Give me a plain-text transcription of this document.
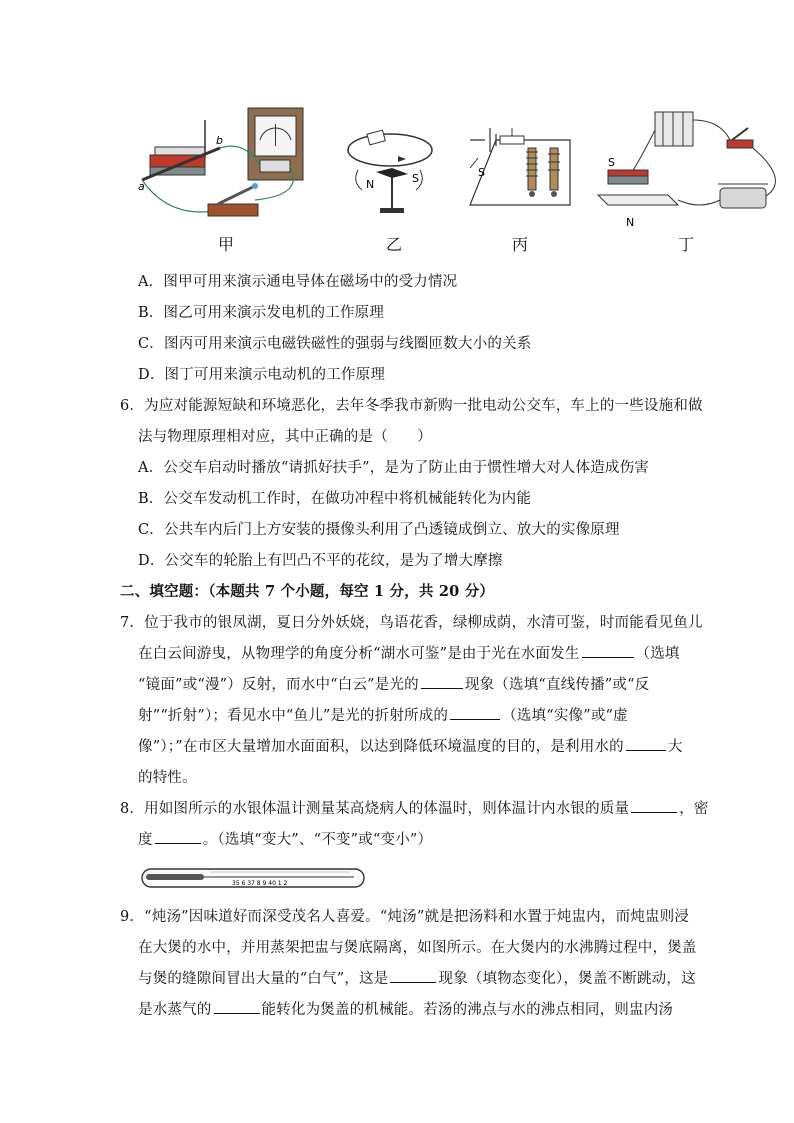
a
b
N	S	S
S
N
甲	乙	丙	丁
A．图甲可用来演示通电导体在磁场中的受力情况
B．图乙可用来演示发电机的工作原理
C．图丙可用来演示电磁铁磁性的强弱与线圈匝数大小的关系
D．图丁可用来演示电动机的工作原理
6．为应对能源短缺和环境恶化，去年冬季我市新购一批电动公交车，车上的一些设施和做
法与物理原理相对应，其中正确的是（　　）
A．公交车启动时播放“请抓好扶手”，是为了防止由于惯性增大对人体造成伤害
B．公交车发动机工作时，在做功冲程中将机械能转化为内能
C．公共车内后门上方安装的摄像头利用了凸透镜成倒立、放大的实像原理
D．公交车的轮胎上有凹凸不平的花纹，是为了增大摩擦
二、填空题：（本题共 7 个小题，每空 1 分，共 20 分）
7．位于我市的银凤湖，夏日分外妖娆，鸟语花香，绿柳成荫，水清可鉴，时而能看见鱼儿
在白云间游曳，从物理学的角度分析“湖水可鉴”是由于光在水面发生	（选填
“镜面”或“漫”）反射，而水中“白云”是光的	现象（选填“直线传播”或“反
射”“折射”）；看见水中“鱼儿”是光的折射所成的	（选填“实像”或“虚
像”）；”在市区大量增加水面面积，以达到降低环境温度的目的，是利用水的	大
的特性。
8．用如图所示的水银体温计测量某高烧病人的体温时，则体温计内水银的质量	，密
度	。（选填“变大”、“不变”或“变小”）
35 6 37 8 9 40 1 2
9．“炖汤”因味道好而深受茂名人喜爱。“炖汤”就是把汤料和水置于炖盅内，而炖盅则浸
在大煲的水中，并用蒸架把盅与煲底隔离，如图所示。在大煲内的水沸腾过程中，煲盖
与煲的缝隙间冒出大量的“白气”，这是	现象（填物态变化），煲盖不断跳动，这
是水蒸气的	能转化为煲盖的机械能。若汤的沸点与水的沸点相同，则盅内汤
